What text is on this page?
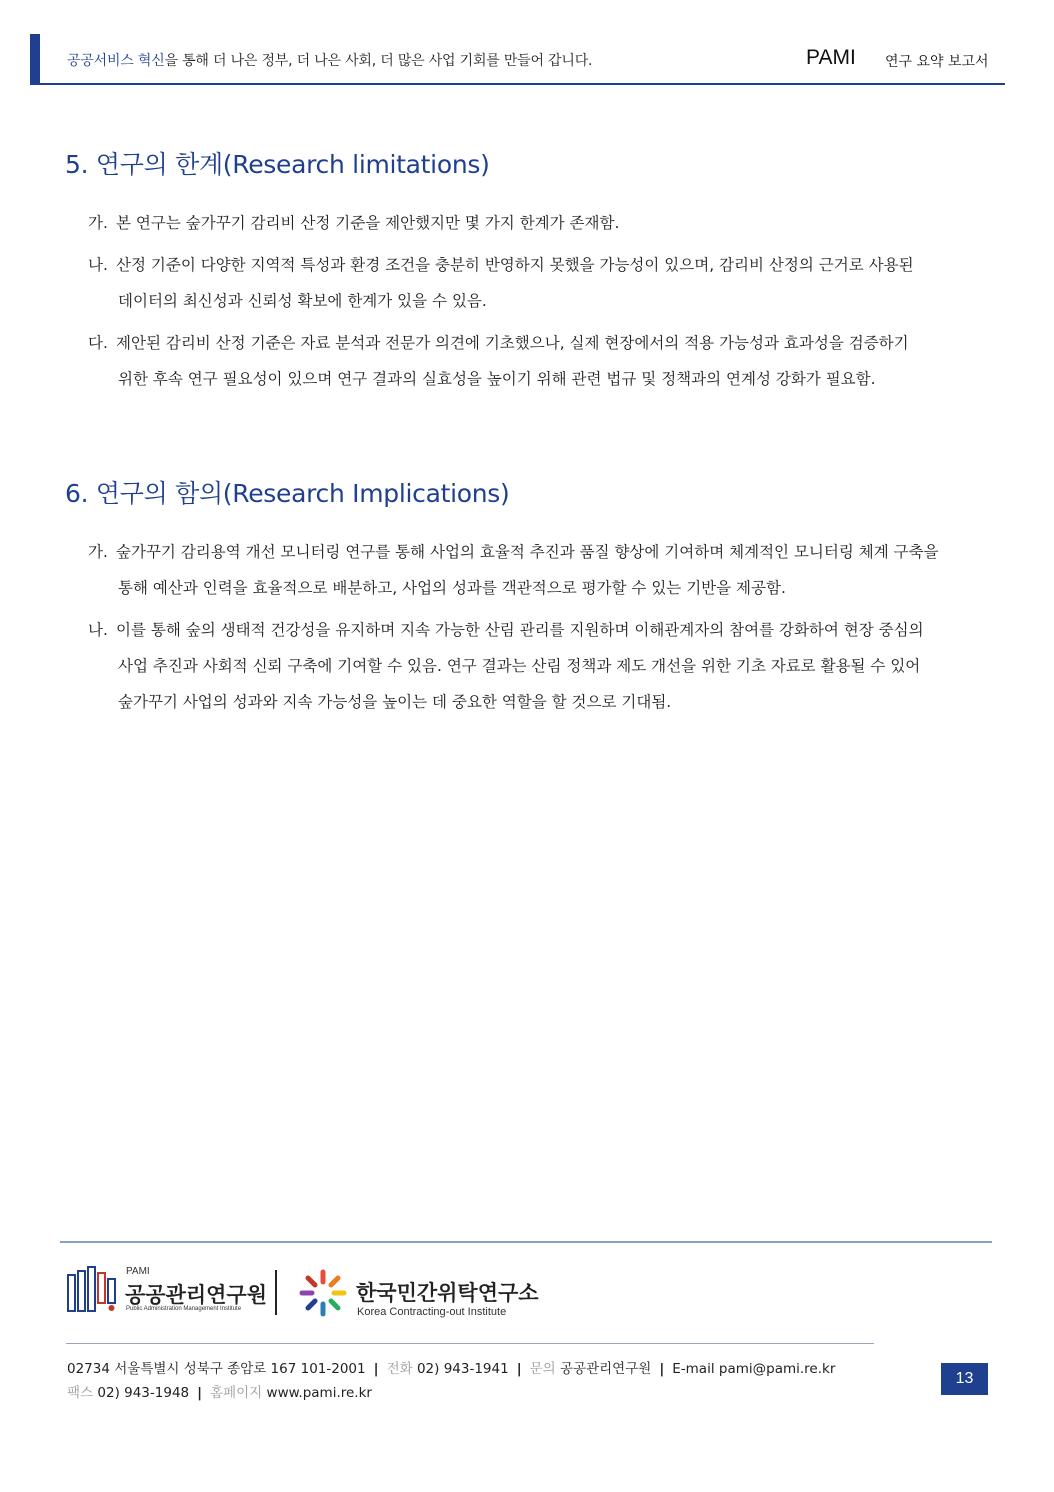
공공서비스 혁신을 통해 더 나은 정부, 더 나은 사회, 더 많은 사업 기회를 만들어 갑니다.	PAMI 연구 요약 보고서
5. 연구의 한계(Research limitations)
가. 본 연구는 숲가꾸기 감리비 산정 기준을 제안했지만 몇 가지 한계가 존재함.
나. 산정 기준이 다양한 지역적 특성과 환경 조건을 충분히 반영하지 못했을 가능성이 있으며, 감리비 산정의 근거로 사용된
데이터의 최신성과 신뢰성 확보에 한계가 있을 수 있음.
다. 제안된 감리비 산정 기준은 자료 분석과 전문가 의견에 기초했으나, 실제 현장에서의 적용 가능성과 효과성을 검증하기
위한 후속 연구 필요성이 있으며 연구 결과의 실효성을 높이기 위해 관련 법규 및 정책과의 연계성 강화가 필요함.
6. 연구의 함의(Research Implications)
가. 숲가꾸기 감리용역 개선 모니터링 연구를 통해 사업의 효율적 추진과 품질 향상에 기여하며 체계적인 모니터링 체계 구축을
통해 예산과 인력을 효율적으로 배분하고, 사업의 성과를 객관적으로 평가할 수 있는 기반을 제공함.
나. 이를 통해 숲의 생태적 건강성을 유지하며 지속 가능한 산림 관리를 지원하며 이해관계자의 참여를 강화하여 현장 중심의
사업 추진과 사회적 신뢰 구축에 기여할 수 있음. 연구 결과는 산림 정책과 제도 개선을 위한 기초 자료로 활용될 수 있어
숲가꾸기 사업의 성과와 지속 가능성을 높이는 데 중요한 역할을 할 것으로 기대됨.
PAMI
공공관리연구원
Public Administration Management Institute
한국민간위탁연구소
Korea Contracting-out Institute
02734 서울특별시 성북구 종암로 167 101-2001 | 전화 02) 943-1941 | 문의 공공관리연구원 | E-mail pami@pami.re.kr
팩스 02) 943-1948 | 홈페이지 www.pami.re.kr
13
